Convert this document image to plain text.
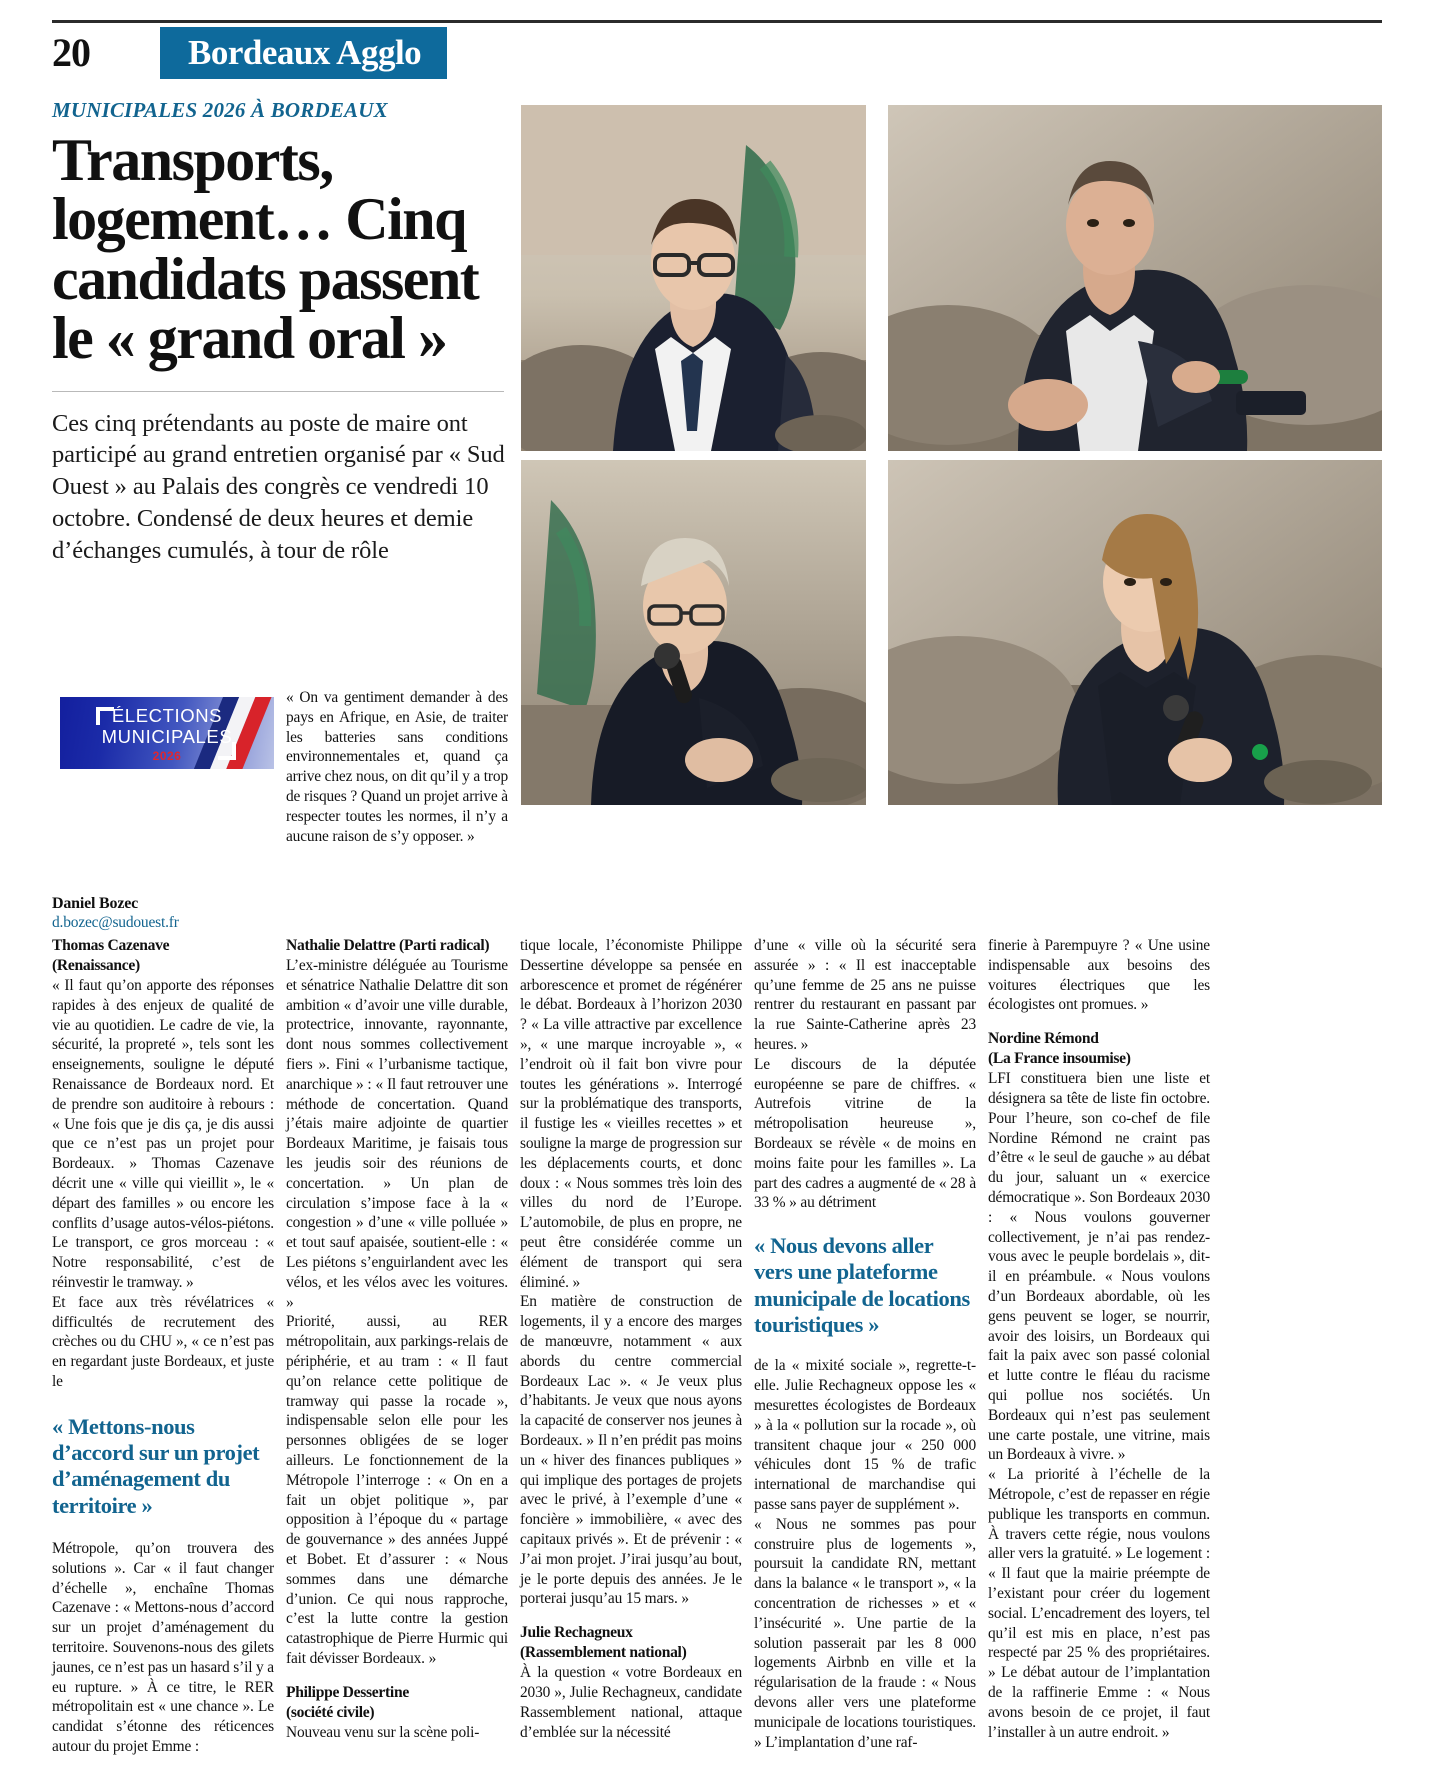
20	Bordeaux Agglo
MUNICIPALES 2026 À BORDEAUX
Transports, logement… Cinq candidats passent le « grand oral »
Ces cinq prétendants au poste de maire ont participé au grand entretien organisé par « Sud Ouest » au Palais des congrès ce vendredi 10 octobre. Condensé de deux heures et demie d’échanges cumulés, à tour de rôle
ÉLECTIONS
MUNICIPALES
2026
Daniel Bozec
d.bozec@sudouest.fr
« On va gentiment demander à des pays en Afrique, en Asie, de traiter les batteries sans conditions environnementales et, quand ça arrive chez nous, on dit qu’il y a trop de risques ? Quand un projet arrive à respecter toutes les normes, il n’y a aucune raison de s’y opposer. »
Thomas Cazenave
(Renaissance)

« Il faut qu’on apporte des réponses rapides à des enjeux de qualité de vie au quotidien. Le cadre de vie, la sécurité, la propreté », tels sont les enseignements, souligne le député Renaissance de Bordeaux nord. Et de prendre son auditoire à rebours : « Une fois que je dis ça, je dis aussi que ce n’est pas un projet pour Bordeaux. » Thomas Cazenave décrit une « ville qui vieillit », le « départ des familles » ou encore les conflits d’usage autos-vélos-piétons. Le transport, ce gros morceau : « Notre responsabilité, c’est de réinvestir le tramway. »

Et face aux très révélatrices « difficultés de recrutement des crèches ou du CHU », « ce n’est pas en regardant juste Bordeaux, et juste le

« Mettons-nous d’accord sur un projet d’aménagement du territoire »

Métropole, qu’on trouvera des solutions ». Car « il faut changer d’échelle », enchaîne Thomas Cazenave : « Mettons-nous d’accord sur un projet d’aménagement du territoire. Souvenons-nous des gilets jaunes, ce n’est pas un hasard s’il y a eu rupture. » À ce titre, le RER métropolitain est « une chance ». Le candidat s’étonne des réticences autour du projet Emme :

Nathalie Delattre (Parti radical)

L’ex-ministre déléguée au Tourisme et sénatrice Nathalie Delattre dit son ambition « d’avoir une ville durable, protectrice, innovante, rayonnante, dont nous sommes collectivement fiers ». Fini « l’urbanisme tactique, anarchique » : « Il faut retrouver une méthode de concertation. Quand j’étais maire adjointe de quartier Bordeaux Maritime, je faisais tous les jeudis soir des réunions de concertation. » Un plan de circulation s’impose face à la « congestion » d’une « ville polluée » et tout sauf apaisée, soutient-elle : « Les piétons s’enguirlandent avec les vélos, et les vélos avec les voitures. »

Priorité, aussi, au RER métropolitain, aux parkings-relais de périphérie, et au tram : « Il faut qu’on relance cette politique de tramway qui passe la rocade », indispensable selon elle pour les personnes obligées de se loger ailleurs. Le fonctionnement de la Métropole l’interroge : « On en a fait un objet politique », par opposition à l’époque du « partage de gouvernance » des années Juppé et Bobet. Et d’assurer : « Nous sommes dans une démarche d’union. Ce qui nous rapproche, c’est la lutte contre la gestion catastrophique de Pierre Hurmic qui fait dévisser Bordeaux. »

Philippe Dessertine
(société civile)

Nouveau venu sur la scène poli-

tique locale, l’économiste Philippe Dessertine développe sa pensée en arborescence et promet de régénérer le débat. Bordeaux à l’horizon 2030 ? « La ville attractive par excellence », « une marque incroyable », « l’endroit où il fait bon vivre pour toutes les générations ». Interrogé sur la problématique des transports, il fustige les « vieilles recettes » et souligne la marge de progression sur les déplacements courts, et donc doux : « Nous sommes très loin des villes du nord de l’Europe. L’automobile, de plus en propre, ne peut être considérée comme un élément de transport qui sera éliminé. »

En matière de construction de logements, il y a encore des marges de manœuvre, notamment « aux abords du centre commercial Bordeaux Lac ». « Je veux plus d’habitants. Je veux que nous ayons la capacité de conserver nos jeunes à Bordeaux. » Il n’en prédit pas moins un « hiver des finances publiques » qui implique des portages de projets avec le privé, à l’exemple d’une « foncière » immobilière, « avec des capitaux privés ». Et de prévenir : « J’ai mon projet. J’irai jusqu’au bout, je le porte depuis des années. Je le porterai jusqu’au 15 mars. »

Julie Rechagneux
(Rassemblement national)

À la question « votre Bordeaux en 2030 », Julie Rechagneux, candidate Rassemblement national, attaque d’emblée sur la nécessité

d’une « ville où la sécurité sera assurée » : « Il est inacceptable qu’une femme de 25 ans ne puisse rentrer du restaurant en passant par la rue Sainte-Catherine après 23 heures. »

Le discours de la députée européenne se pare de chiffres. « Autrefois vitrine de la métropolisation heureuse », Bordeaux se révèle « de moins en moins faite pour les familles ». La part des cadres a augmenté de « 28 à 33 % » au détriment

« Nous devons aller vers une plateforme municipale de locations touristiques »

de la « mixité sociale », regrette-t-elle. Julie Rechagneux oppose les « mesurettes écologistes de Bordeaux » à la « pollution sur la rocade », où transitent chaque jour « 250 000 véhicules dont 15 % de trafic international de marchandise qui passe sans payer de supplément ».

« Nous ne sommes pas pour construire plus de logements », poursuit la candidate RN, mettant dans la balance « le transport », « la concentration de richesses » et « l’insécurité ». Une partie de la solution passerait par les 8 000 logements Airbnb en ville et la régularisation de la fraude : « Nous devons aller vers une plateforme municipale de locations touristiques. » L’implantation d’une raf-

finerie à Parempuyre ? « Une usine indispensable aux besoins des voitures électriques que les écologistes ont promues. »

Nordine Rémond
(La France insoumise)

LFI constituera bien une liste et désignera sa tête de liste fin octobre. Pour l’heure, son co-chef de file Nordine Rémond ne craint pas d’être « le seul de gauche » au débat du jour, saluant un « exercice démocratique ». Son Bordeaux 2030 : « Nous voulons gouverner collectivement, je n’ai pas rendez-vous avec le peuple bordelais », dit-il en préambule. « Nous voulons d’un Bordeaux abordable, où les gens peuvent se loger, se nourrir, avoir des loisirs, un Bordeaux qui fait la paix avec son passé colonial et lutte contre le fléau du racisme qui pollue nos sociétés. Un Bordeaux qui n’est pas seulement une carte postale, une vitrine, mais un Bordeaux à vivre. »

« La priorité à l’échelle de la Métropole, c’est de repasser en régie publique les transports en commun. À travers cette régie, nous voulons aller vers la gratuité. » Le logement : « Il faut que la mairie préempte de l’existant pour créer du logement social. L’encadrement des loyers, tel qu’il est mis en place, n’est pas respecté par 25 % des propriétaires. » Le débat autour de l’implantation de la raffinerie Emme : « Nous avons besoin de ce projet, il faut l’installer à un autre endroit. »
